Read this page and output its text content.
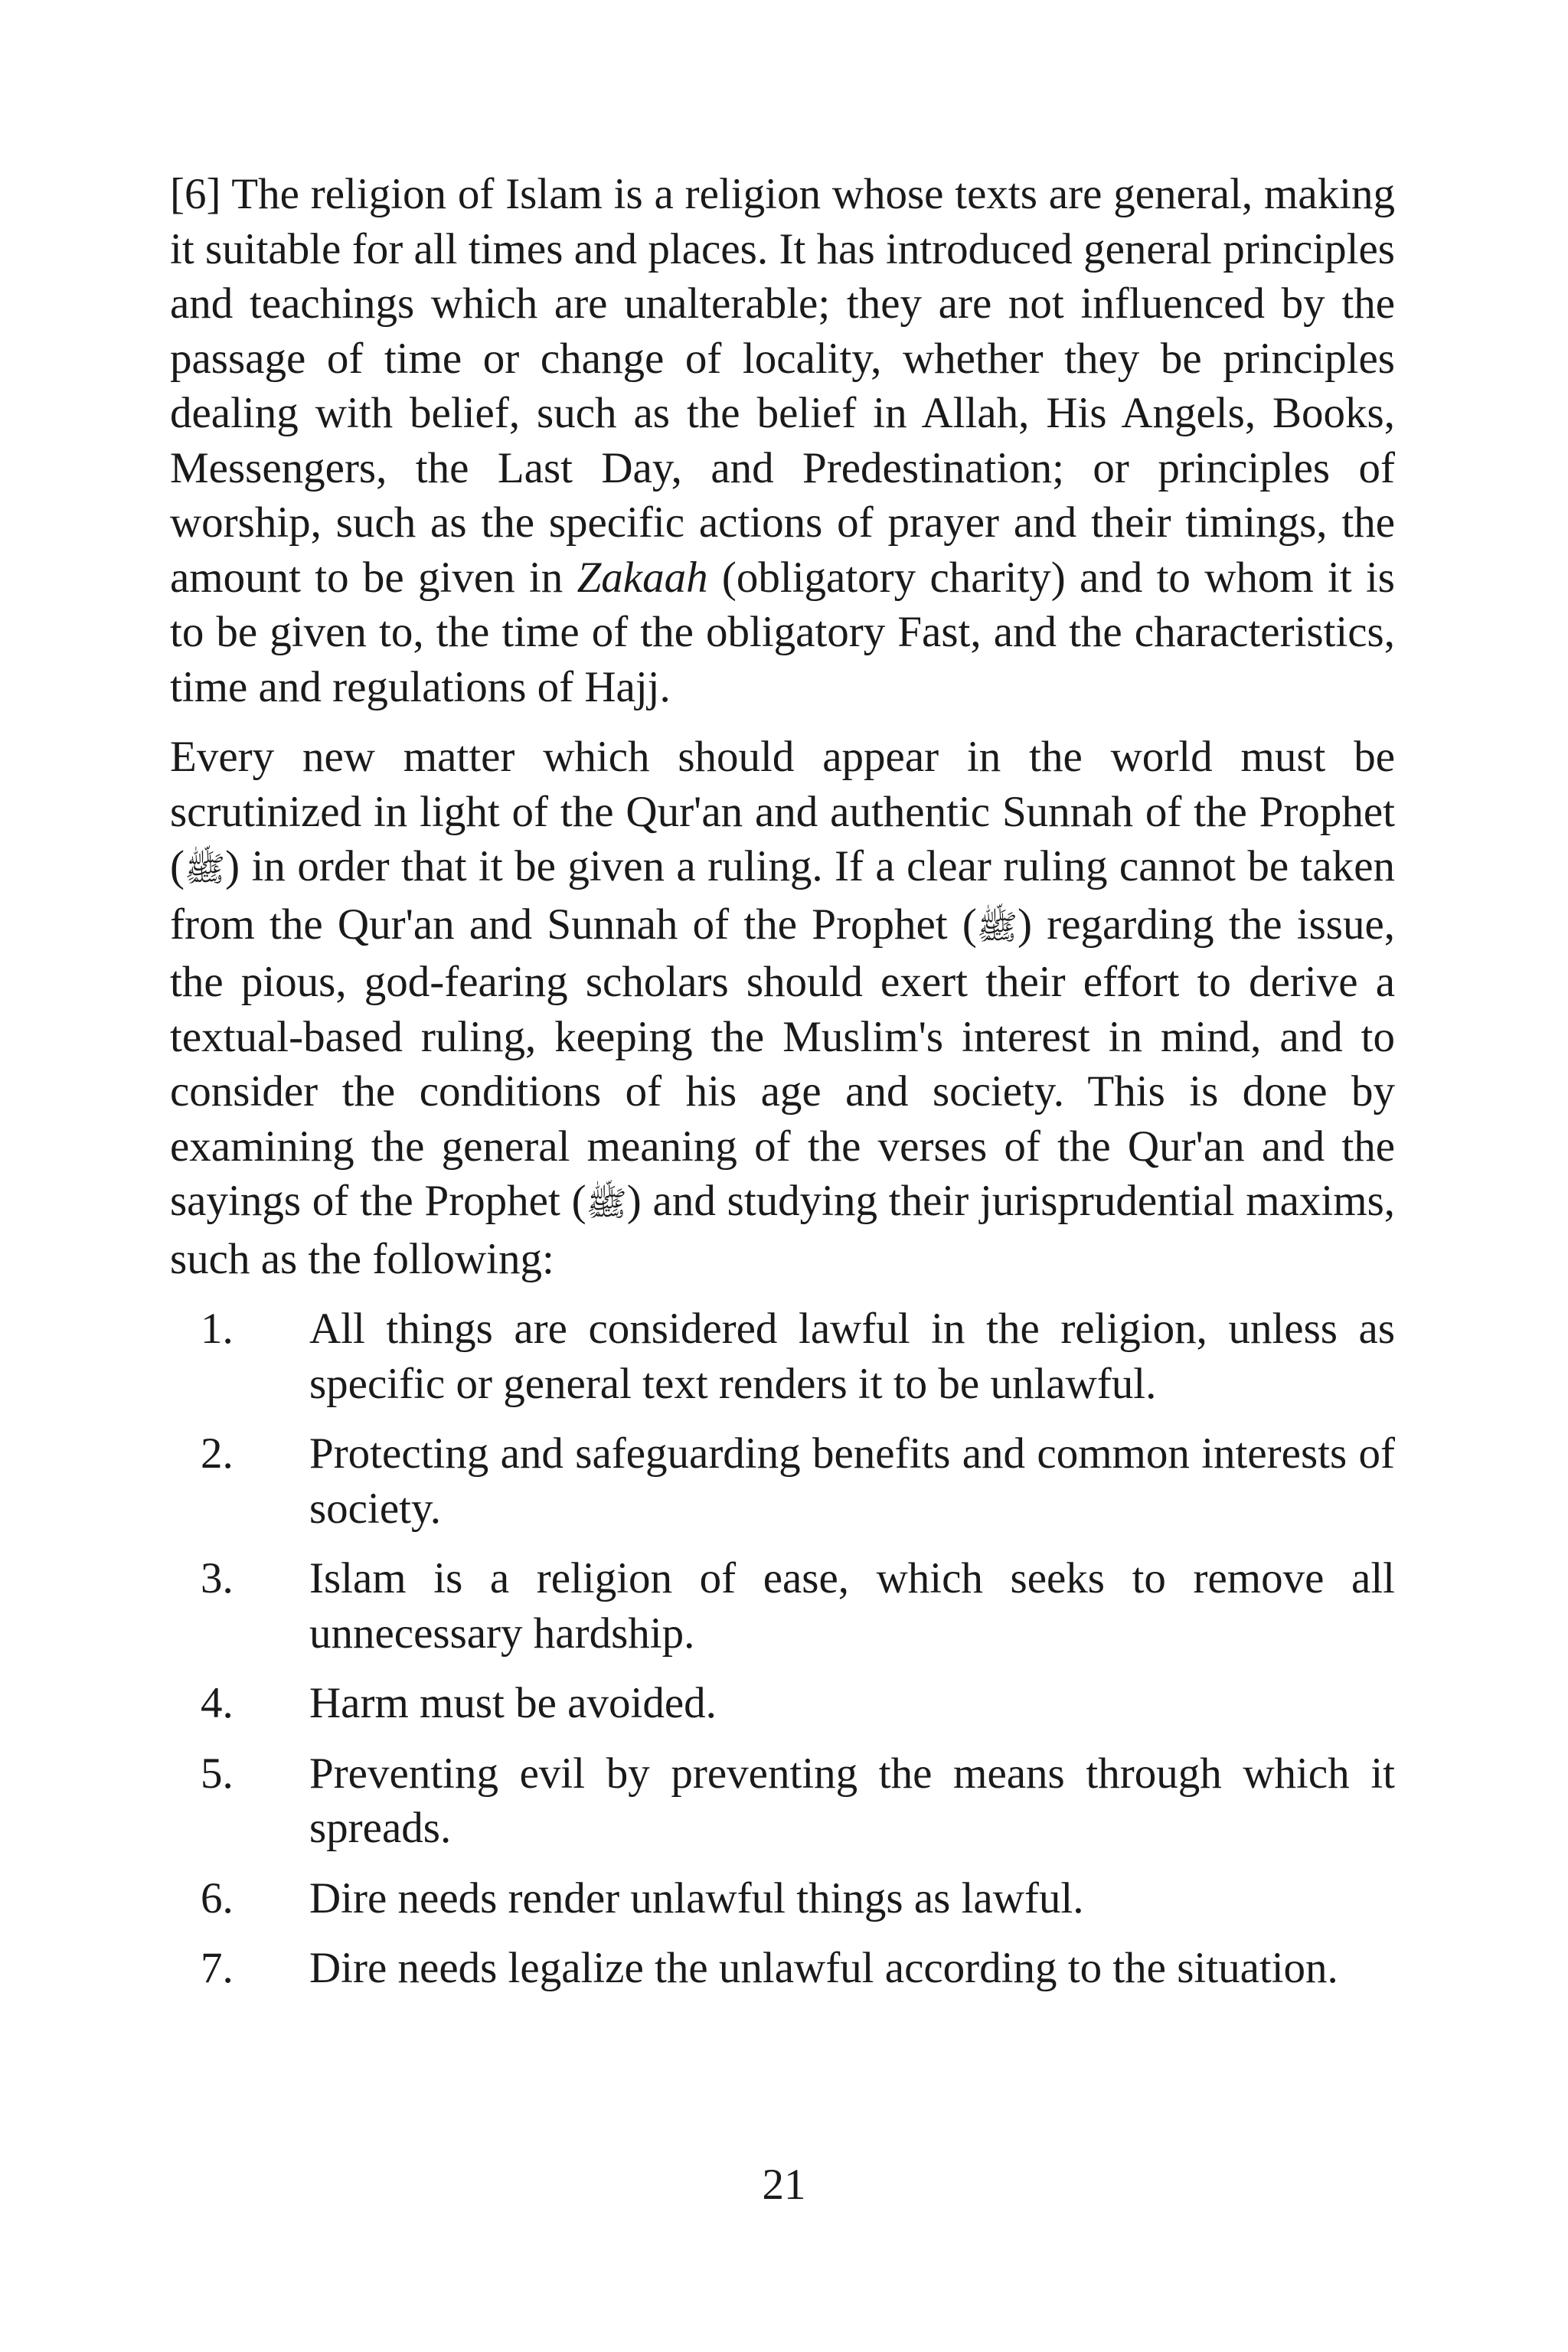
[6] The religion of Islam is a religion whose texts are general, making it suitable for all times and places. It has introduced general principles and teachings which are unalterable; they are not influenced by the passage of time or change of locality, whether they be principles dealing with belief, such as the belief in Allah, His Angels, Books, Messengers, the Last Day, and Predestination; or principles of worship, such as the specific actions of prayer and their timings, the amount to be given in Zakaah (obligatory charity) and to whom it is to be given to, the time of the obligatory Fast, and the characteristics, time and regulations of Hajj.

Every new matter which should appear in the world must be scrutinized in light of the Qur'an and authentic Sunnah of the Prophet (ﷺ) in order that it be given a ruling. If a clear ruling cannot be taken from the Qur'an and Sunnah of the Prophet (ﷺ) regarding the issue, the pious, god-fearing scholars should exert their effort to derive a textual-based ruling, keeping the Muslim's interest in mind, and to consider the conditions of his age and society. This is done by examining the general meaning of the verses of the Qur'an and the sayings of the Prophet (ﷺ) and studying their jurisprudential maxims, such as the following:

1.	All things are considered lawful in the religion, unless as specific or general text renders it to be unlawful.
2.	Protecting and safeguarding benefits and common interests of society.
3.	Islam is a religion of ease, which seeks to remove all unnecessary hardship.
4.	Harm must be avoided.
5.	Preventing evil by preventing the means through which it spreads.
6.	Dire needs render unlawful things as lawful.
7.	Dire needs legalize the unlawful according to the situation.
21
